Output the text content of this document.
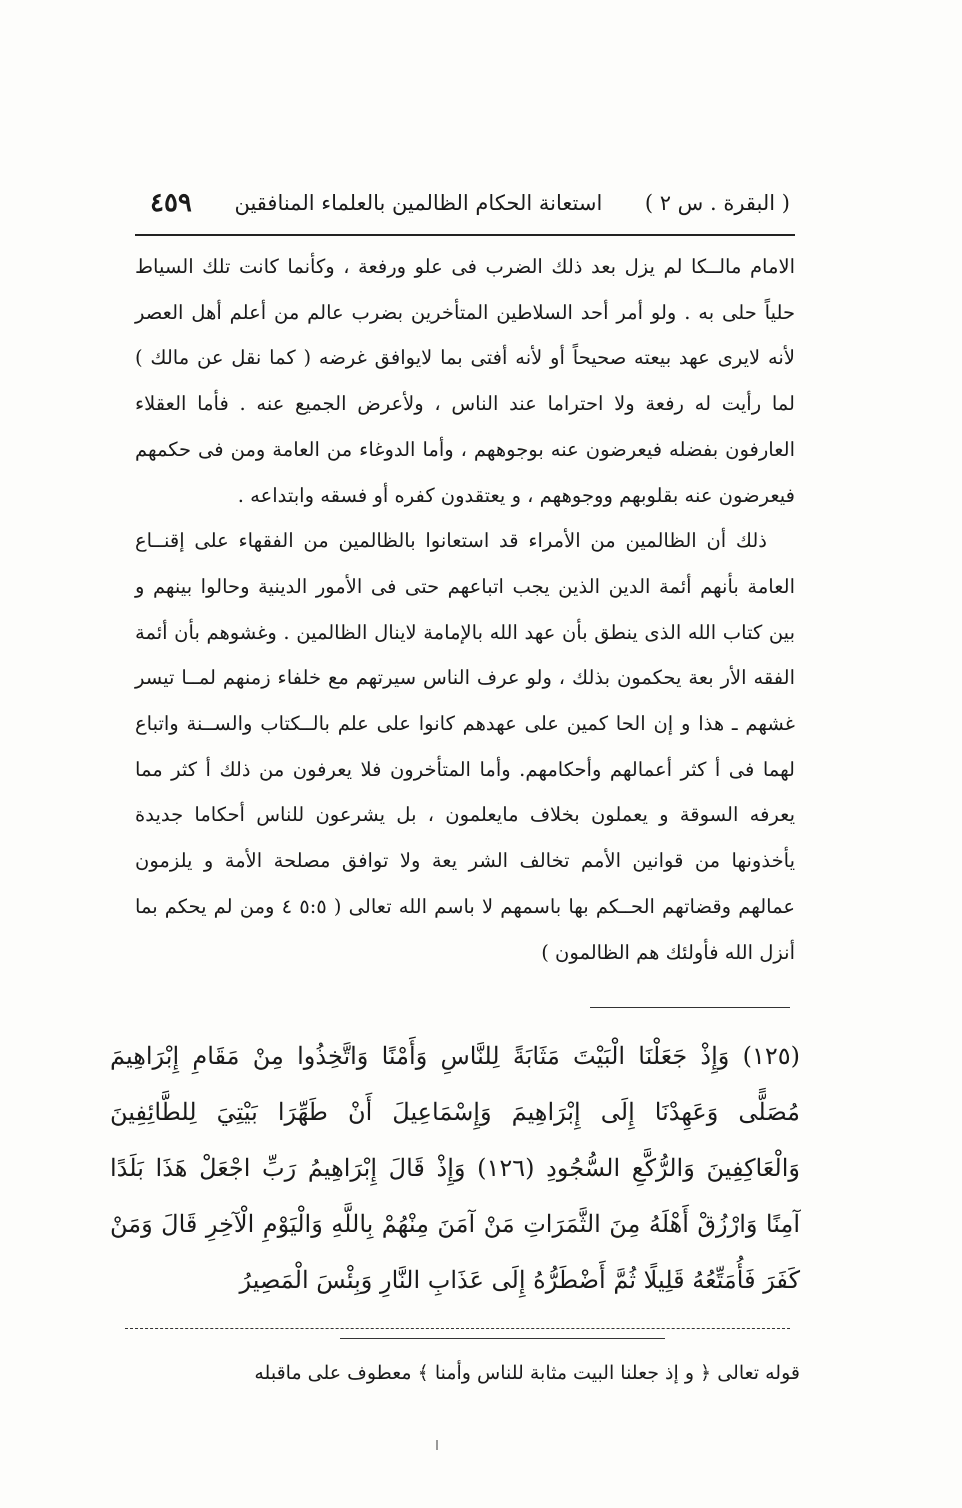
( البقرة . س ٢ )
استعانة الحكام الظالمين بالعلماء المنافقين
٤٥٩

الامام مالــكا لم يزل بعد ذلك الضرب فى علو ورفعة ، وكأنما كانت تلك السياط حلياً حلى به . ولو أمر أحد السلاطين المتأخرين بضرب عالم من أعلم أهل العصر لأنه لايرى عهد بيعته صحيحاً أو لأنه أفتى بما لايوافق غرضه ( كما نقل عن مالك ) لما رأيت له رفعة ولا احتراما عند الناس ، ولأعرض الجميع عنه . فأما العقلاء العارفون بفضله فيعرضون عنه بوجوههم ، وأما الدوغاء من العامة ومن فى حكمهم فيعرضون عنه بقلوبهم ووجوههم ، و يعتقدون كفره أو فسقه وابتداعه .

ذلك أن الظالمين من الأمراء قد استعانوا بالظالمين من الفقهاء على إقنــاع العامة بأنهم أئمة الدين الذين يجب اتباعهم حتى فى الأمور الدينية وحالوا بينهم و بين كتاب الله الذى ينطق بأن عهد الله بالإمامة لاينال الظالمين . وغشوهم بأن أئمة الفقه الأر بعة يحكمون بذلك ، ولو عرف الناس سيرتهم مع خلفاء زمنهم لمــا تيسر غشهم ـ هذا و إن الحا كمين على عهدهم كانوا على علم بالــكتاب والســنة واتباع لهما فى أ كثر أعمالهم وأحكامهم. وأما المتأخرون فلا يعرفون من ذلك أ كثر مما يعرفه السوقة و يعملون بخلاف مايعلمون ، بل يشرعون للناس أحكاما جديدة يأخذونها من قوانين الأمم تخالف الشر يعة ولا توافق مصلحة الأمة و يلزمون عمالهم وقضاتهم الحــكم بها باسمهم لا باسم الله تعالى ( ٥:٥ ٤ ومن لم يحكم بما أنزل الله فأولئك هم الظالمون )

(١٢٥) وَإِذْ جَعَلْنَا الْبَيْتَ مَثَابَةً لِلنَّاسِ وَأَمْنًا وَاتَّخِذُوا مِنْ مَقَامِ إِبْرَاهِيمَ مُصَلًّى وَعَهِدْنَا إِلَى إِبْرَاهِيمَ وَإِسْمَاعِيلَ أَنْ طَهِّرَا بَيْتِيَ لِلطَّائِفِينَ وَالْعَاكِفِينَ وَالرُّكَّعِ السُّجُودِ (١٢٦) وَإِذْ قَالَ إِبْرَاهِيمُ رَبِّ اجْعَلْ هَذَا بَلَدًا آمِنًا وَارْزُقْ أَهْلَهُ مِنَ الثَّمَرَاتِ مَنْ آمَنَ مِنْهُمْ بِاللَّهِ وَالْيَوْمِ الْآخِرِ قَالَ وَمَنْ كَفَرَ فَأُمَتِّعُهُ قَلِيلًا ثُمَّ أَضْطَرُّهُ إِلَى عَذَابِ النَّارِ وَبِئْسَ الْمَصِيرُ

قوله تعالى ﴿ و إذ جعلنا البيت مثابة للناس وأمنا ﴾ معطوف على ماقبله
